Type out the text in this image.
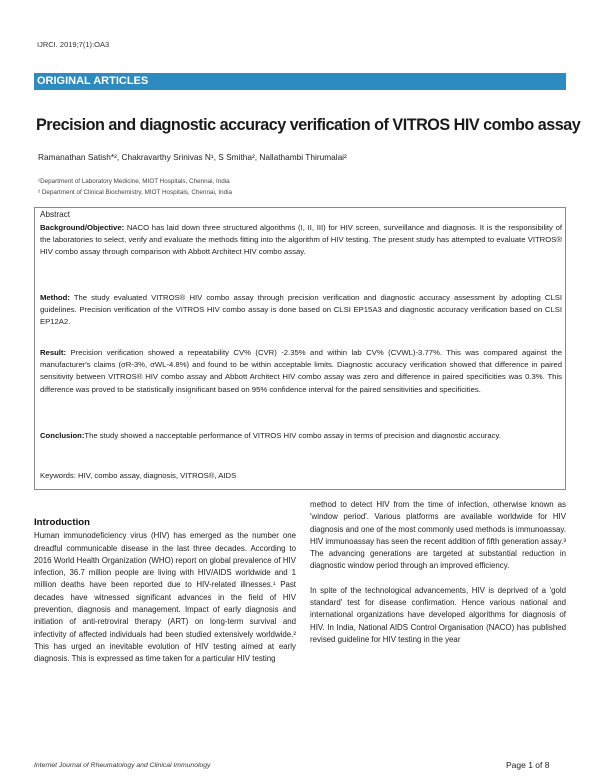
IJRCI. 2019;7(1):OA3
ORIGINAL ARTICLES
Precision and diagnostic accuracy verification of VITROS HIV combo assay
Ramanathan Satish*², Chakravarthy Srinivas N¹, S Smitha², Nallathambi Thirumalai²
¹Department of Laboratory Medicine, MIOT Hospitals, Chennai, India
² Department of Clinical Biochemistry, MIOT Hospitals, Chennai, India
Abstract
Background/Objective: NACO has laid down three structured algorithms (I, II, III) for HIV screen, surveillance and diagnosis. It is the responsibility of the laboratories to select, verify and evaluate the methods fitting into the algorithm of HIV testing. The present study has attempted to evaluate VITROS® HIV combo assay through comparison with Abbott Architect HIV combo assay.
Method: The study evaluated VITROS® HIV combo assay through precision verification and diagnostic accuracy assessment by adopting CLSI guidelines. Precision verification of the VITROS HIV combo assay is done based on CLSI EP15A3 and diagnostic accuracy verification based on CLSI EP12A2.
Result: Precision verification showed a repeatability CV% (CVR) -2.35% and within lab CV% (CVWL)-3.77%. This was compared against the manufacturer's claims (σR-3%, σWL-4.8%) and found to be within acceptable limits. Diagnostic accuracy verification showed that difference in paired sensitivity between VITROS® HIV combo assay and Abbott Architect HIV combo assay was zero and difference in paired specificities was 0.3%. This difference was proved to be statistically insignificant based on 95% confidence interval for the paired sensitivities and specificities.
Conclusion:The study showed a nacceptable performance of VITROS HIV combo assay in terms of precision and diagnostic accuracy.
Keywords: HIV, combo assay, diagnosis, VITROS®, AIDS
Introduction
Human immunodeficiency virus (HIV) has emerged as the number one dreadful communicable disease in the last three decades. According to 2016 World Health Organization (WHO) report on global prevalence of HIV infection, 36.7 million people are living with HIV/AIDS worldwide and 1 million deaths have been reported due to HIV-related illnesses.¹ Past decades have witnessed significant advances in the field of HIV prevention, diagnosis and management. Impact of early diagnosis and initiation of anti-retroviral therapy (ART) on long-term survival and infectivity of affected individuals had been studied extensively worldwide.² This has urged an inevitable evolution of HIV testing aimed at early diagnosis. This is expressed as time taken for a particular HIV testing
method to detect HIV from the time of infection, otherwise known as 'window period'. Various platforms are available worldwide for HIV diagnosis and one of the most commonly used methods is immunoassay. HIV immunoassay has seen the recent addition of fifth generation assay.³ The advancing generations are targeted at substantial reduction in diagnostic window period through an improved efficiency.
In spite of the technological advancements, HIV is deprived of a 'gold standard' test for disease confirmation. Hence various national and international organizations have developed algorithms for diagnosis of HIV. In India, National AIDS Control Organisation (NACO) has published revised guideline for HIV testing in the year
Internet Journal of Rheumatology and Clinical Immunology	Page 1 of 8
